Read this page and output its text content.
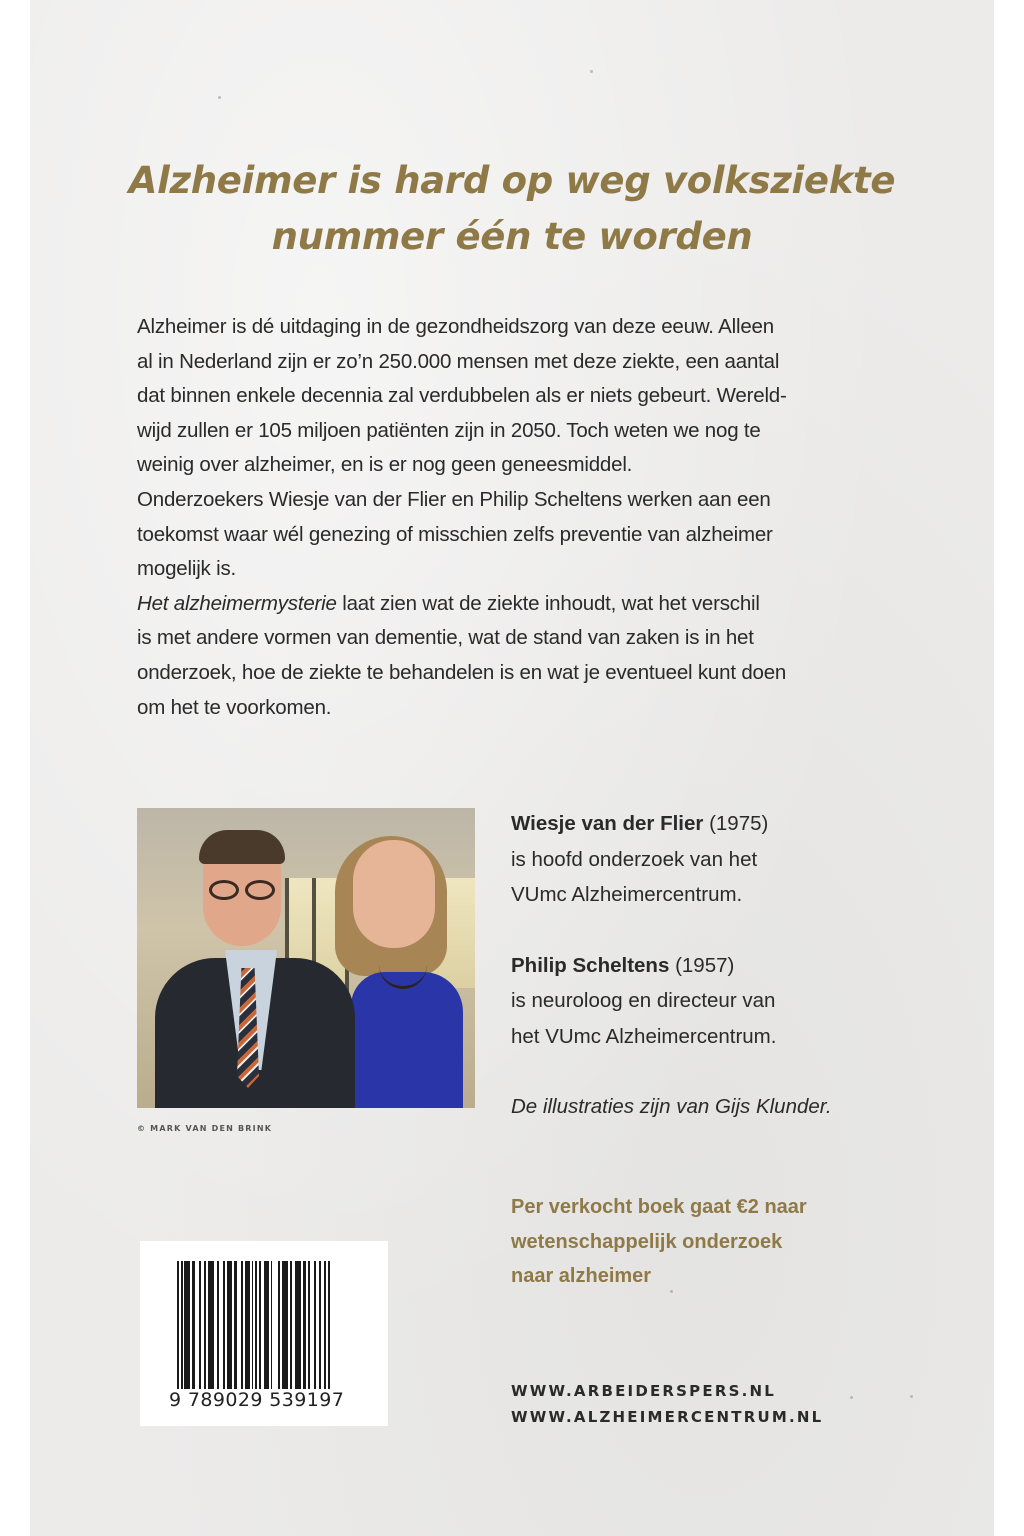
Alzheimer is hard op weg volksziekte
nummer één te worden
Alzheimer is dé uitdaging in de gezondheidszorg van deze eeuw. Alleen
al in Nederland zijn er zo’n 250.000 mensen met deze ziekte, een aantal
dat binnen enkele decennia zal verdubbelen als er niets gebeurt. Wereld-
wijd zullen er 105 miljoen patiënten zijn in 2050. Toch weten we nog te
weinig over alzheimer, en is er nog geen geneesmiddel.
Onderzoekers Wiesje van der Flier en Philip Scheltens werken aan een
toekomst waar wél genezing of misschien zelfs preventie van alzheimer
mogelijk is.
Het alzheimermysterie laat zien wat de ziekte inhoudt, wat het verschil
is met andere vormen van dementie, wat de stand van zaken is in het
onderzoek, hoe de ziekte te behandelen is en wat je eventueel kunt doen
om het te voorkomen.
© MARK VAN DEN BRINK
Wiesje van der Flier (1975)
is hoofd onderzoek van het
VUmc Alzheimercentrum.
Philip Scheltens (1957)
is neuroloog en directeur van
het VUmc Alzheimercentrum.
De illustraties zijn van Gijs Klunder.
Per verkocht boek gaat €2 naar
wetenschappelijk onderzoek
naar alzheimer
9 789029 539197	WWW.ARBEIDERSPERS.NL
WWW.ALZHEIMERCENTRUM.NL
